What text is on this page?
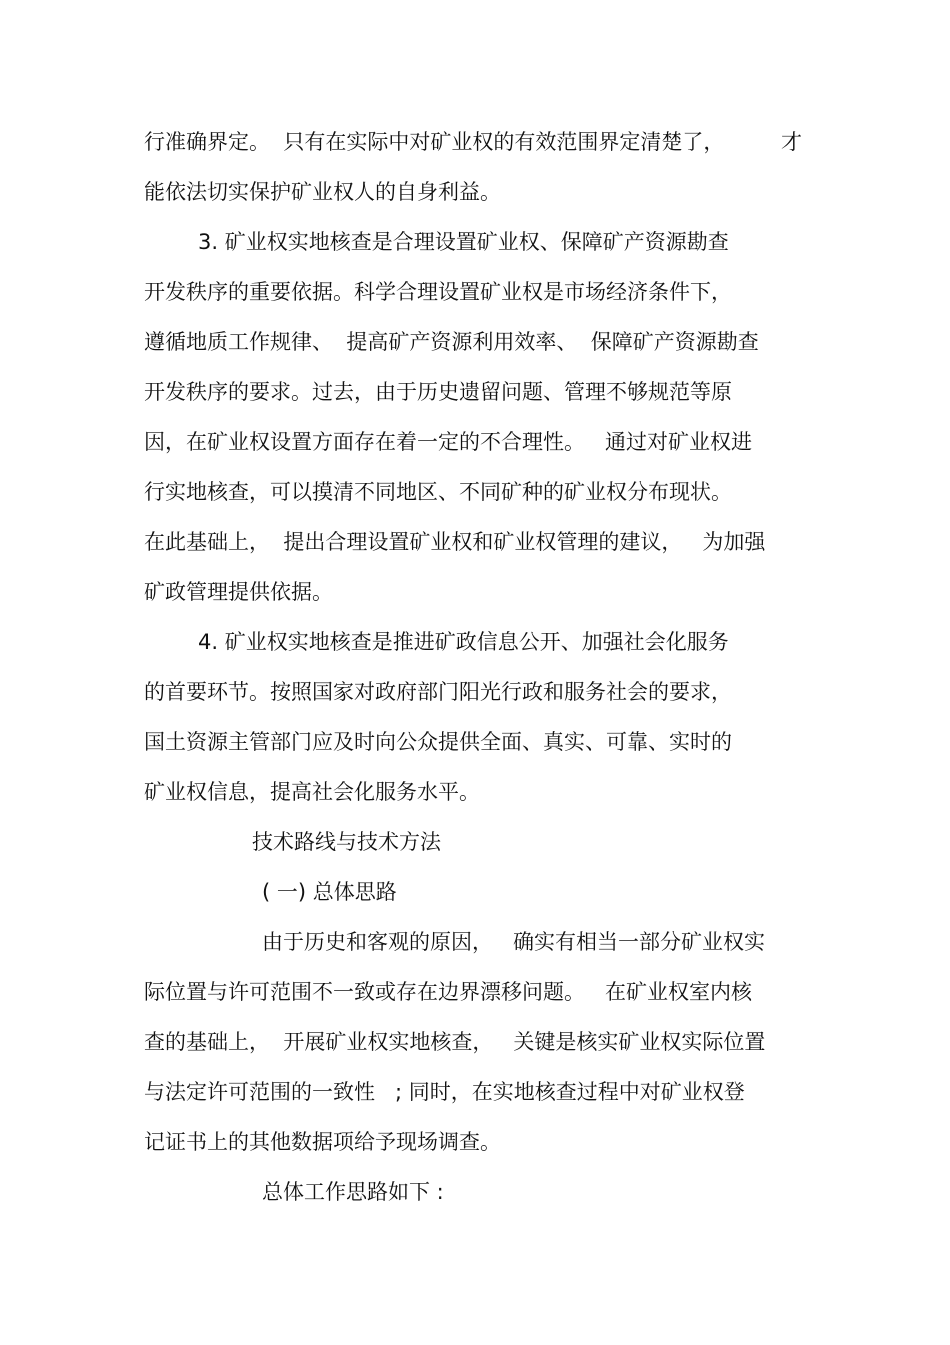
行准确界定。  只有在实际中对矿业权的有效范围界定清楚了，	才
能依法切实保护矿业权人的自身利益。
3. 矿业权实地核查是合理设置矿业权、保障矿产资源勘查
开发秩序的重要依据。科学合理设置矿业权是市场经济条件下，
遵循地质工作规律、  提高矿产资源利用效率、  保障矿产资源勘查
开发秩序的要求。过去，由于历史遗留问题、管理不够规范等原
因，在矿业权设置方面存在着一定的不合理性。   通过对矿业权进
行实地核查，可以摸清不同地区、不同矿种的矿业权分布现状。
在此基础上，  提出合理设置矿业权和矿业权管理的建议，   为加强
矿政管理提供依据。
4. 矿业权实地核查是推进矿政信息公开、加强社会化服务
的首要环节。按照国家对政府部门阳光行政和服务社会的要求，
国土资源主管部门应及时向公众提供全面、真实、可靠、实时的
矿业权信息，提高社会化服务水平。
技术路线与技术方法
( 一) 总体思路
由于历史和客观的原因，   确实有相当一部分矿业权实
际位置与许可范围不一致或存在边界漂移问题。   在矿业权室内核
查的基础上，  开展矿业权实地核查，   关键是核实矿业权实际位置
与法定许可范围的一致性   ; 同时，在实地核查过程中对矿业权登
记证书上的其他数据项给予现场调查。
总体工作思路如下 :
